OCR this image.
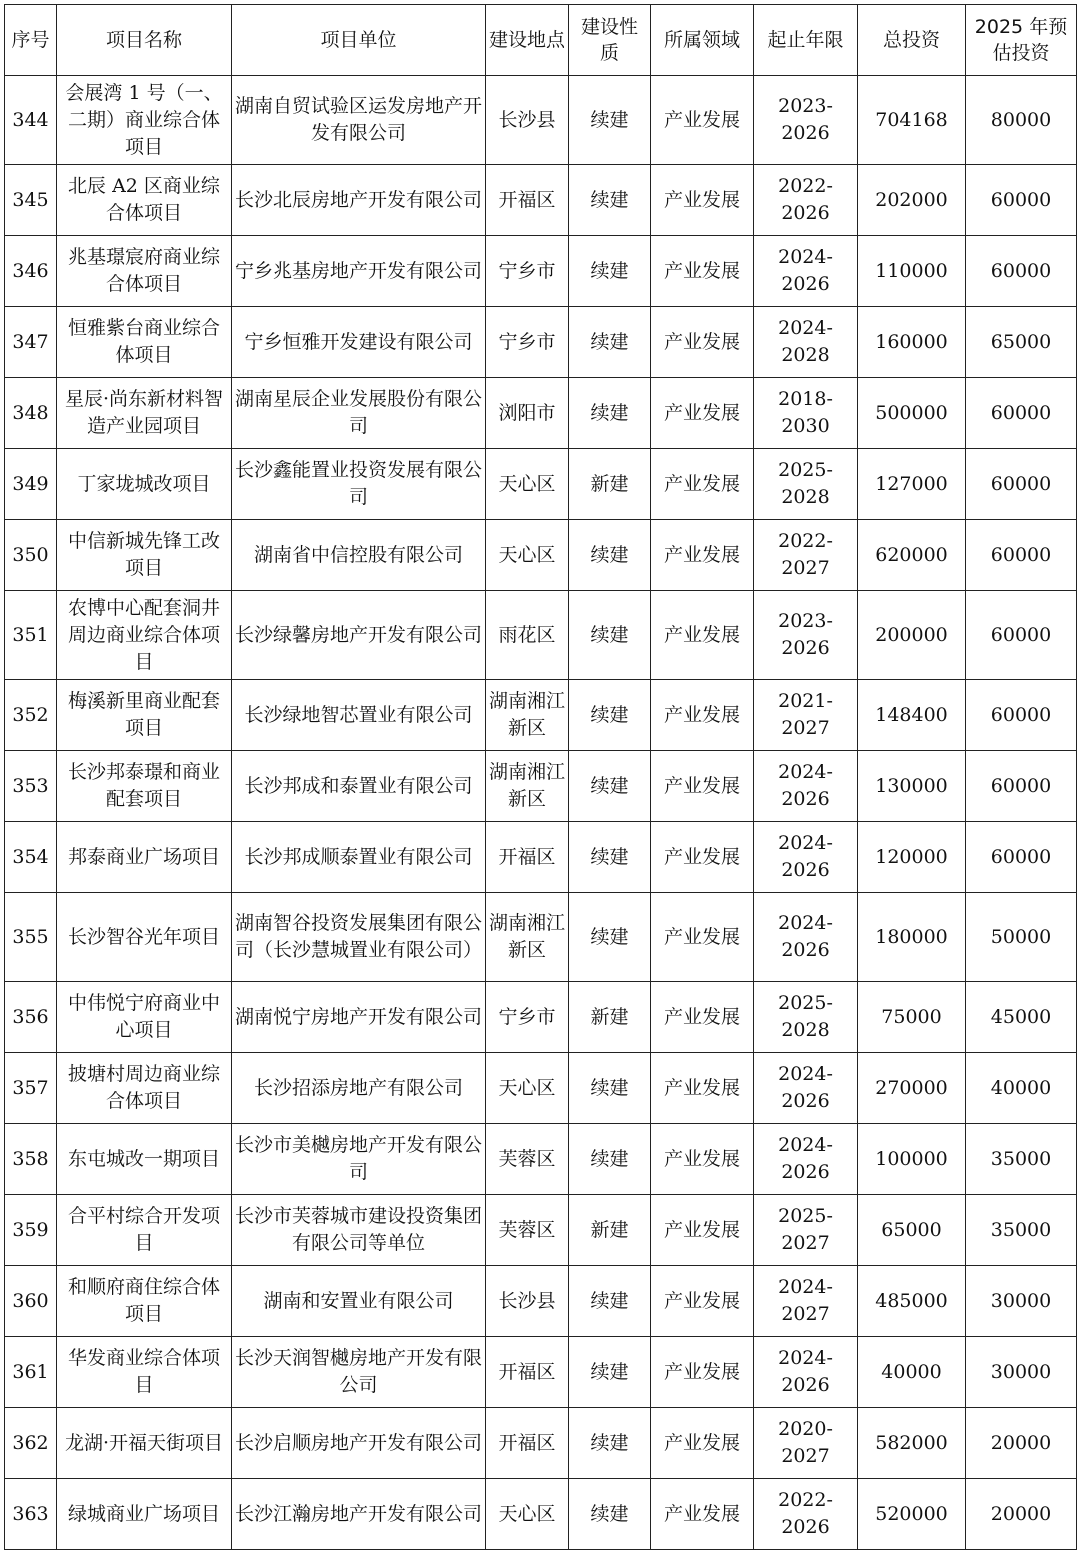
序号	项目名称	项目单位	建设地点	建设性质	所属领域	起止年限	总投资	2025 年预估投资
344	会展湾 1 号（一、二期）商业综合体项目	湖南自贸试验区运发房地产开发有限公司	长沙县	续建	产业发展	2023-2026	704168	80000
345	北辰 A2 区商业综合体项目	长沙北辰房地产开发有限公司	开福区	续建	产业发展	2022-2026	202000	60000
346	兆基璟宸府商业综合体项目	宁乡兆基房地产开发有限公司	宁乡市	续建	产业发展	2024-2026	110000	60000
347	恒雅紫台商业综合体项目	宁乡恒雅开发建设有限公司	宁乡市	续建	产业发展	2024-2028	160000	65000
348	星辰·尚东新材料智造产业园项目	湖南星辰企业发展股份有限公司	浏阳市	续建	产业发展	2018-2030	500000	60000
349	丁家垅城改项目	长沙鑫能置业投资发展有限公司	天心区	新建	产业发展	2025-2028	127000	60000
350	中信新城先锋工改项目	湖南省中信控股有限公司	天心区	续建	产业发展	2022-2027	620000	60000
351	农博中心配套洞井周边商业综合体项目	长沙绿馨房地产开发有限公司	雨花区	续建	产业发展	2023-2026	200000	60000
352	梅溪新里商业配套项目	长沙绿地智芯置业有限公司	湖南湘江新区	续建	产业发展	2021-2027	148400	60000
353	长沙邦泰璟和商业配套项目	长沙邦成和泰置业有限公司	湖南湘江新区	续建	产业发展	2024-2026	130000	60000
354	邦泰商业广场项目	长沙邦成顺泰置业有限公司	开福区	续建	产业发展	2024-2026	120000	60000
355	长沙智谷光年项目	湖南智谷投资发展集团有限公司（长沙慧城置业有限公司）	湖南湘江新区	续建	产业发展	2024-2026	180000	50000
356	中伟悦宁府商业中心项目	湖南悦宁房地产开发有限公司	宁乡市	新建	产业发展	2025-2028	75000	45000
357	披塘村周边商业综合体项目	长沙招添房地产有限公司	天心区	续建	产业发展	2024-2026	270000	40000
358	东屯城改一期项目	长沙市美樾房地产开发有限公司	芙蓉区	续建	产业发展	2024-2026	100000	35000
359	合平村综合开发项目	长沙市芙蓉城市建设投资集团有限公司等单位	芙蓉区	新建	产业发展	2025-2027	65000	35000
360	和顺府商住综合体项目	湖南和安置业有限公司	长沙县	续建	产业发展	2024-2027	485000	30000
361	华发商业综合体项目	长沙天润智樾房地产开发有限公司	开福区	续建	产业发展	2024-2026	40000	30000
362	龙湖·开福天街项目	长沙启顺房地产开发有限公司	开福区	续建	产业发展	2020-2027	582000	20000
363	绿城商业广场项目	长沙江瀚房地产开发有限公司	天心区	续建	产业发展	2022-2026	520000	20000
